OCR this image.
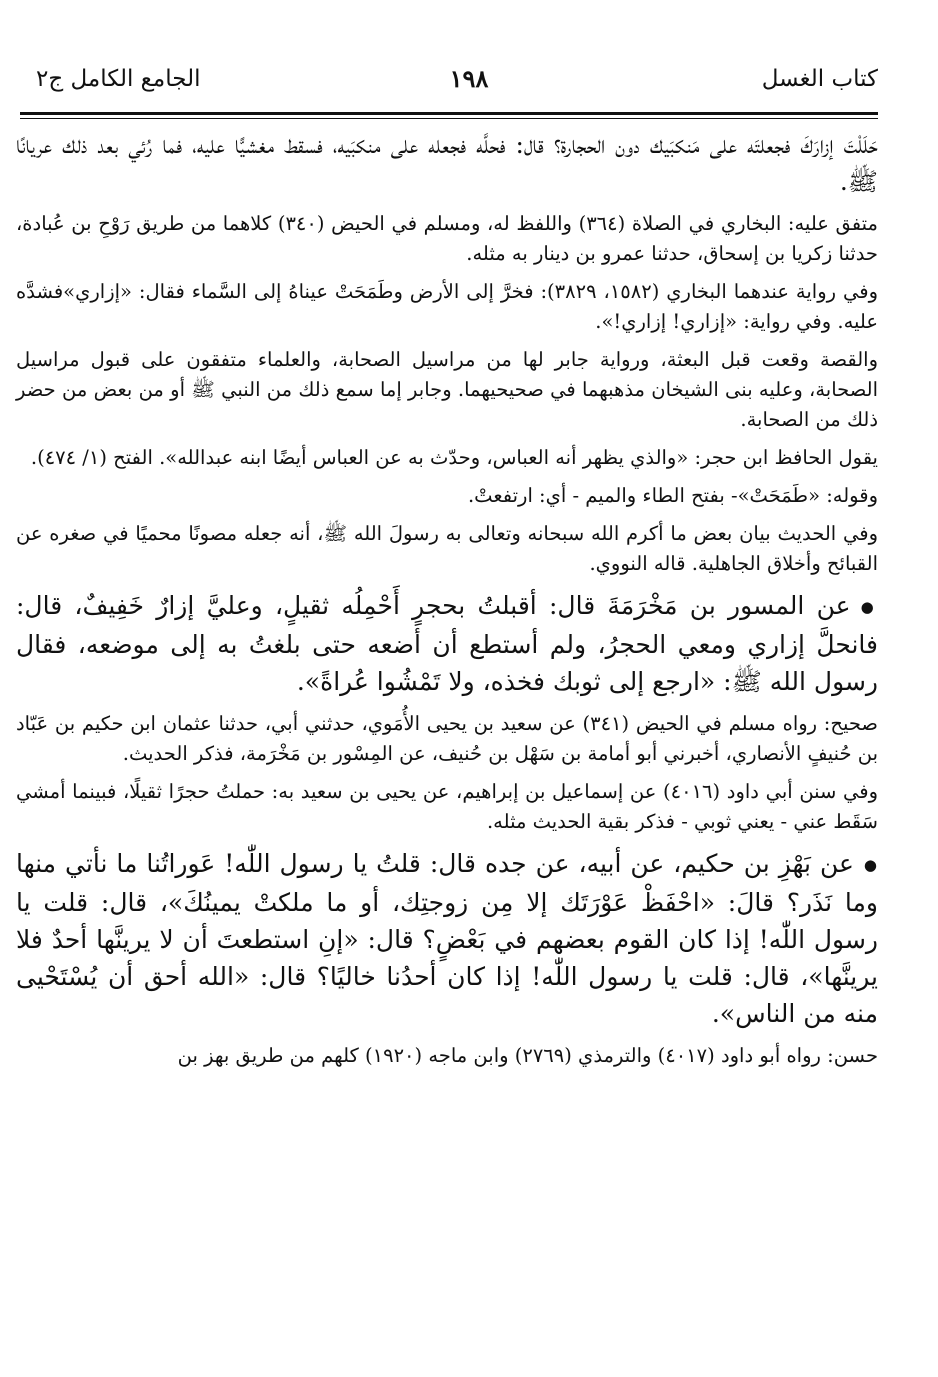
كتاب الغسل
١٩٨
الجامع الكامل ج٢

حَلَلْتَ إزارَكَ فجعلتَه على مَنكبَيك دون الحجارة؟ قال: فحلَّه فجعله على منكبَيه، فسقط مغشيًّا عليه، فما رُئي بعد ذلك عريانًا ﷺ.

متفق عليه: البخاري في الصلاة (٣٦٤) واللفظ له، ومسلم في الحيض (٣٤٠) كلاهما من طريق رَوْحِ بن عُبادة، حدثنا زكريا بن إسحاق، حدثنا عمرو بن دينار به مثله.

وفي رواية عندهما البخاري (١٥٨٢، ٣٨٢٩): فخرَّ إلى الأرض وطَمَحَتْ عيناهُ إلى السَّماء فقال: «إزاري»فشدَّه عليه. وفي رواية: «إزاري! إزاري!».

والقصة وقعت قبل البعثة، ورواية جابر لها من مراسيل الصحابة، والعلماء متفقون على قبول مراسيل الصحابة، وعليه بنى الشيخان مذهبهما في صحيحيهما. وجابر إما سمع ذلك من النبي ﷺ أو من بعض من حضر ذلك من الصحابة.

يقول الحافظ ابن حجر: «والذي يظهر أنه العباس، وحدّث به عن العباس أيضًا ابنه عبدالله». الفتح (١/ ٤٧٤).

وقوله: «طَمَحَتْ»- بفتح الطاء والميم - أي: ارتفعتْ.

وفي الحديث بيان بعض ما أكرم الله سبحانه وتعالى به رسولَ الله ﷺ، أنه جعله مصونًا محميًا في صغره عن القبائح وأخلاق الجاهلية. قاله النووي.

● عن المسور بن مَخْرَمَةَ قال: أقبلتُ بحجرٍ أَحْمِلُه ثقيلٍ، وعليَّ إزارٌ خَفِيفٌ، قال: فانحلَّ إزاري ومعي الحجرُ، ولم أستطع أن أضعه حتى بلغتُ به إلى موضعه، فقال رسول الله ﷺ: «ارجع إلى ثوبك فخذه، ولا تَمْشُوا عُراةً».

صحيح: رواه مسلم في الحيض (٣٤١) عن سعيد بن يحيى الأُمَوي، حدثني أبي، حدثنا عثمان ابن حكيم بن عَبّاد بن حُنيفٍ الأنصاري، أخبرني أبو أمامة بن سَهْل بن حُنيف، عن المِسْور بن مَخْرَمة، فذكر الحديث.

وفي سنن أبي داود (٤٠١٦) عن إسماعيل بن إبراهيم، عن يحيى بن سعيد به: حملتُ حجرًا ثقيلًا، فبينما أمشي سَقَط عني - يعني ثوبي - فذكر بقية الحديث مثله.

● عن بَهْزِ بن حكيم، عن أبيه، عن جده قال: قلتُ يا رسول اللّٰه! عَوراتُنا ما نأتي منها وما نَذَر؟ قالَ: «احْفَظْ عَوْرَتَك إلا مِن زوجتِك، أو ما ملكتْ يمينُكَ»، قال: قلت يا رسول اللّٰه! إذا كان القوم بعضهم في بَعْضٍ؟ قال: «إنِ استطعتَ أن لا يرينَّها أحدٌ فلا يرينَّها»، قال: قلت يا رسول اللّٰه! إذا كان أحدُنا خاليًا؟ قال: «الله أحق أن يُسْتَحْيى منه من الناس».

حسن: رواه أبو داود (٤٠١٧) والترمذي (٢٧٦٩) وابن ماجه (١٩٢٠) كلهم من طريق بهز بن
